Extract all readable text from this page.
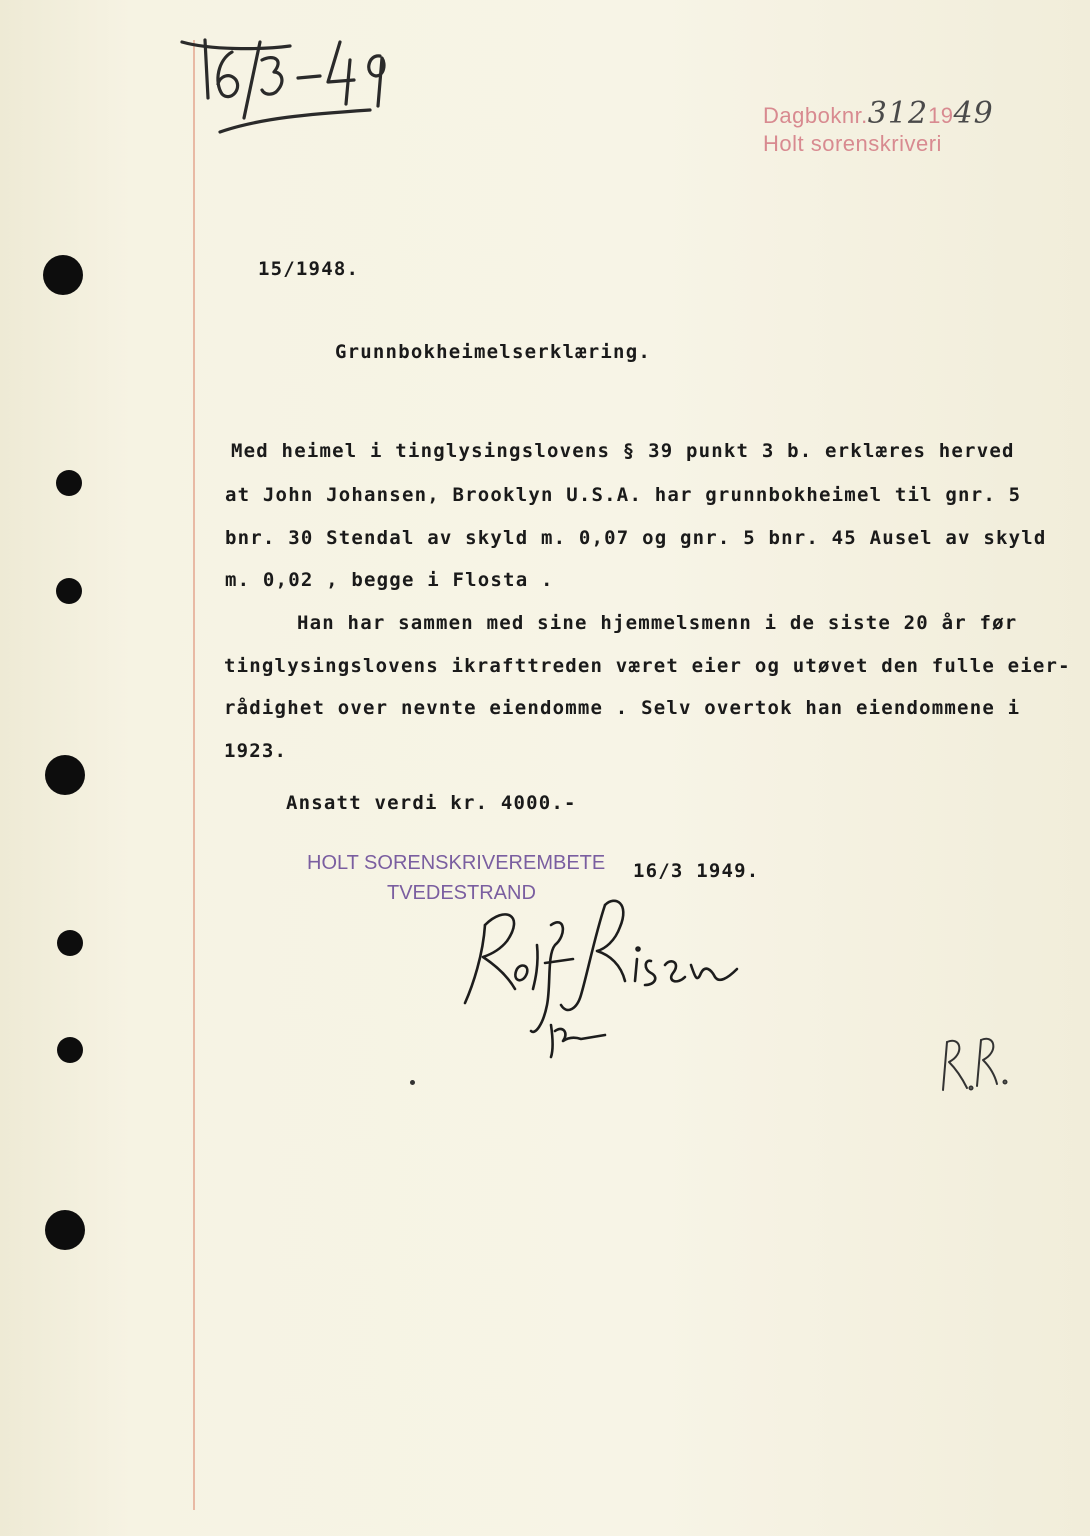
Dagboknr.3121949
Holt sorenskriveri
15/1948.
Grunnbokheimelserklæring.
Med heimel i tinglysingslovens § 39 punkt 3 b. erklæres herved
at John Johansen, Brooklyn U.S.A. har grunnbokheimel til gnr. 5
bnr. 30 Stendal av skyld m. 0,07 og gnr. 5 bnr. 45 Ausel av skyld
m. 0,02 , begge i Flosta .
Han har sammen med sine hjemmelsmenn i de siste 20 år før
tinglysingslovens ikrafttreden været eier og utøvet den fulle eier-
rådighet over nevnte eiendomme . Selv overtok han eiendommene i
1923.
Ansatt verdi kr. 4000.-
HOLT SORENSKRIVEREMBETE
TVEDESTRAND
16/3 1949.
